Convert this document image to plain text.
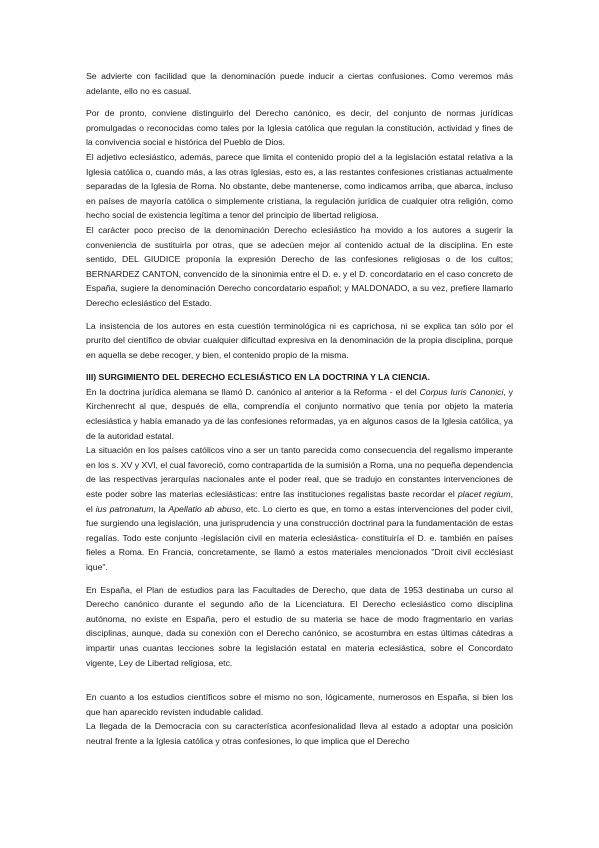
Se advierte con facilidad que la denominación puede inducir a ciertas confusiones. Como veremos más adelante, ello no es casual.

Por de pronto, conviene distinguirlo del Derecho canónico, es decir, del conjunto de normas jurídicas promulgadas o reconocidas como tales por la Iglesia católica que regulan la constitución, actividad y fines de la convivencia social e histórica del Pueblo de Dios.

El adjetivo eclesiástico, además, parece que limita el contenido propio del a la legislación estatal relativa a la Iglesia católica o, cuando más, a las otras Iglesias, esto es, a las restantes confesiones cristianas actualmente separadas de la Iglesia de Roma. No obstante, debe mantenerse, como indicamos arriba, que abarca, incluso en países de mayoría católica o simplemente cristiana, la regulación jurídica de cualquier otra religión, como hecho social de existencia legítima a tenor del principio de libertad religiosa.

El carácter poco preciso de la denominación Derecho eclesiástico ha movido a los autores a sugerir la conveniencia de sustituirla por otras, que se adecúen mejor al contenido actual de la disciplina. En este sentido, DEL GIUDICE proponía la expresión Derecho de las confesiones religiosas o de los cultos; BERNARDEZ CANTON, convencido de la sinonimia entre el D. e. y el D. concordatario en el caso concreto de España, sugiere la denominación Derecho concordatario español; y MALDONADO, a su vez, prefiere llamarlo Derecho eclesiástico del Estado.

La insistencia de los autores en esta cuestión terminológica ni es caprichosa, ni se explica tan sólo por el prurito del científico de obviar cualquier dificultad expresiva en la denominación de la propia disciplina, porque en aquella se debe recoger, y bien, el contenido propio de la misma.

III) SURGIMIENTO DEL DERECHO ECLESIÁSTICO EN LA DOCTRINA Y LA CIENCIA.

En la doctrina jurídica alemana se llamó D. canónico al anterior a la Reforma - el del Corpus Iuris Canonici, y Kirchenrecht al que, después de ella, comprendía el conjunto normativo que tenía por objeto la materia eclesiástica y había emanado ya de las confesiones reformadas, ya en algunos casos de la Iglesia católica, ya de la autoridad estatal.

La situación en los países católicos vino a ser un tanto parecida como consecuencia del regalismo imperante en los s. XV y XVI, el cual favoreció, como contrapartida de la sumisión a Roma, una no pequeña dependencia de las respectivas jerarquías nacionales ante el poder real, que se tradujo en constantes intervenciones de este poder sobre las materias eclesiásticas: entre las instituciones regalistas baste recordar el placet regium, el ius patronatum, la Apellatio ab abuso, etc. Lo cierto es que, en torno a estas intervenciones del poder civil, fue surgiendo una legislación, una jurisprudencia y una construcción doctrinal para la fundamentación de estas regalías. Todo este conjunto -legislación civil en materia eclesiástica- constituiría el D. e. también en países fieles a Roma. En Francia, concretamente, se llamó a estos materiales mencionados "Droit civil ecclésiast ique".

En España, el Plan de estudios para las Facultades de Derecho, que data de 1953 destinaba un curso al Derecho canónico durante el segundo año de la Licenciatura. El Derecho eclesiástico como disciplina autónoma, no existe en España, pero el estudio de su materia se hace de modo fragmentario en varias disciplinas, aunque, dada su conexión con el Derecho canónico, se acostumbra en estas últimas cátedras a impartir unas cuantas lecciones sobre la legislación estatal en materia eclesiástica, sobre el Concordato vigente, Ley de Libertad religiosa, etc.

En cuanto a los estudios científicos sobre el mismo no son, lógicamente, numerosos en España, si bien los que han aparecido revisten indudable calidad.

La llegada de la Democracia con su característica aconfesionalidad lleva al estado a adoptar una posición neutral frente a la Iglesia católica y otras confesiones, lo que implica que el Derecho
